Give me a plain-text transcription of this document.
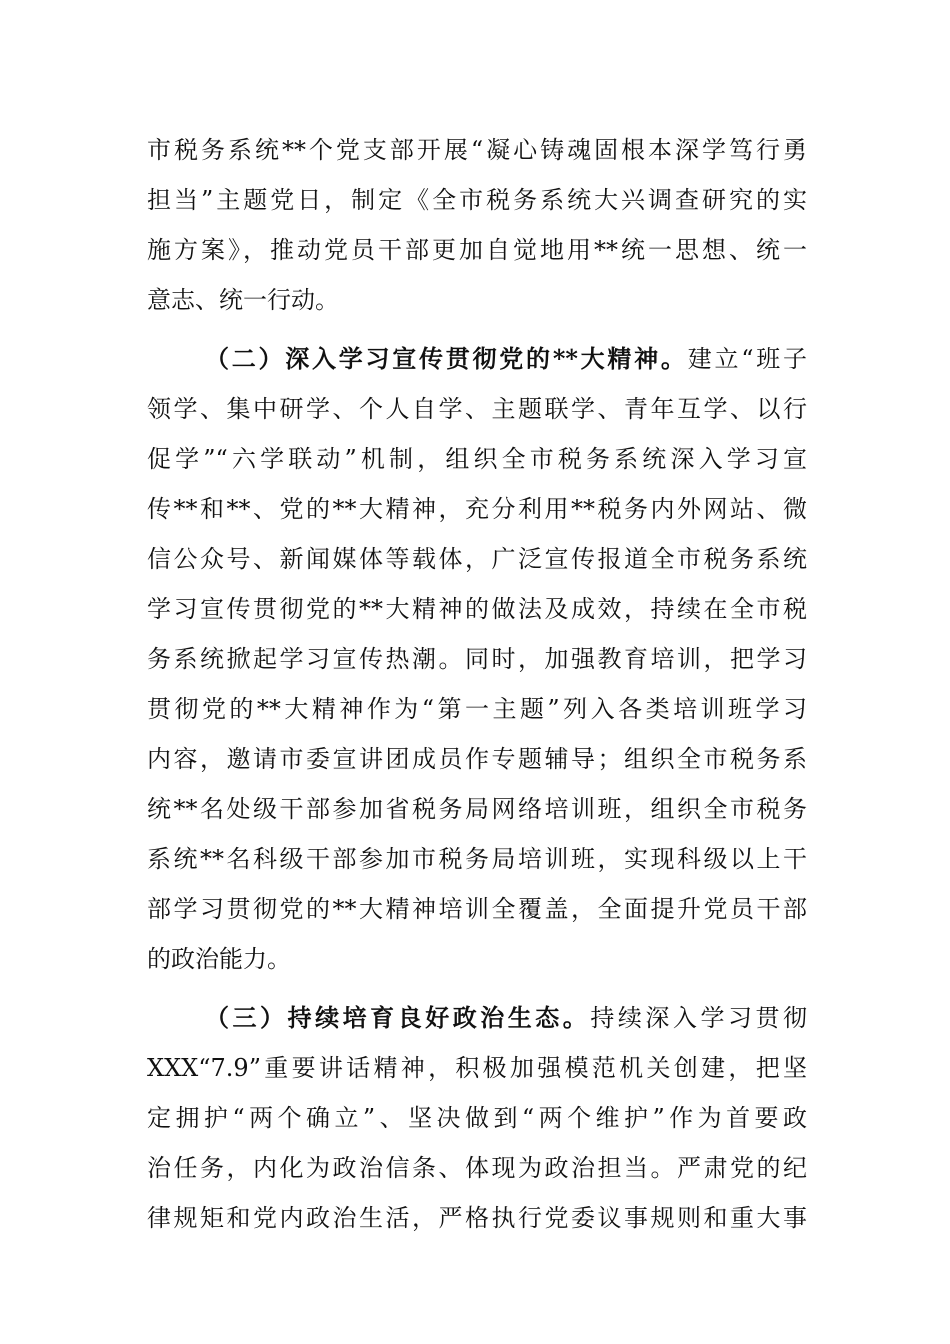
市税务系统**个党支部开展“凝心铸魂固根本深学笃行勇
担当”主题党日，制定《全市税务系统大兴调查研究的实
施方案》，推动党员干部更加自觉地用**统一思想、统一
意志、统一行动。
（二）深入学习宣传贯彻党的**大精神。建立“班子
领学、集中研学、个人自学、主题联学、青年互学、以行
促学”“六学联动”机制，组织全市税务系统深入学习宣
传**和**、党的**大精神，充分利用**税务内外网站、微
信公众号、新闻媒体等载体，广泛宣传报道全市税务系统
学习宣传贯彻党的**大精神的做法及成效，持续在全市税
务系统掀起学习宣传热潮。同时，加强教育培训，把学习
贯彻党的**大精神作为“第一主题”列入各类培训班学习
内容，邀请市委宣讲团成员作专题辅导；组织全市税务系
统**名处级干部参加省税务局网络培训班，组织全市税务
系统**名科级干部参加市税务局培训班，实现科级以上干
部学习贯彻党的**大精神培训全覆盖，全面提升党员干部
的政治能力。
（三）持续培育良好政治生态。持续深入学习贯彻
XXX“7.9”重要讲话精神，积极加强模范机关创建，把坚
定拥护“两个确立”、坚决做到“两个维护”作为首要政
治任务，内化为政治信条、体现为政治担当。严肃党的纪
律规矩和党内政治生活，严格执行党委议事规则和重大事
